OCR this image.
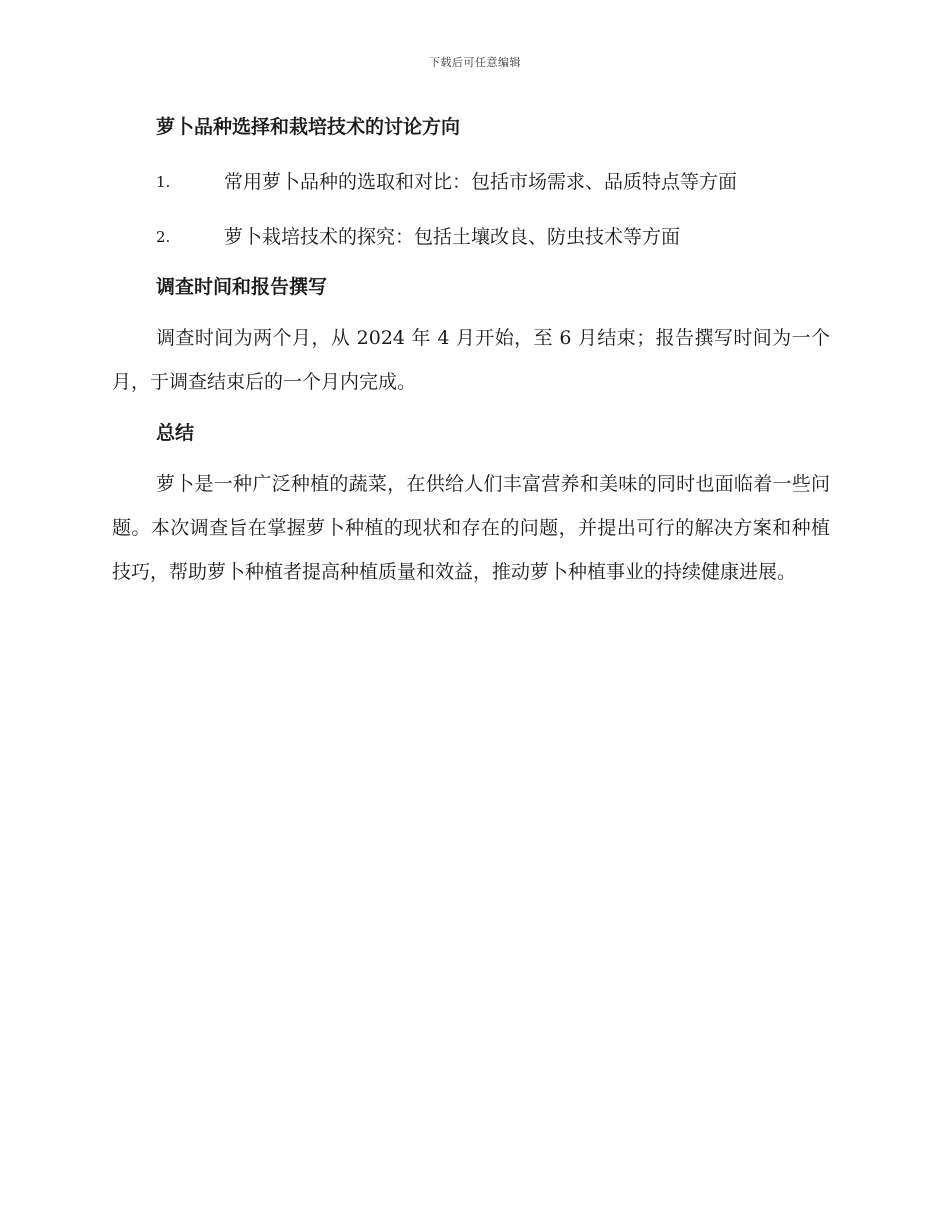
下载后可任意编辑
萝卜品种选择和栽培技术的讨论方向
1.	常用萝卜品种的选取和对比：包括市场需求、品质特点等方面
2.	萝卜栽培技术的探究：包括土壤改良、防虫技术等方面
调查时间和报告撰写

调查时间为两个月，从 2024 年 4 月开始，至 6 月结束；报告撰写时间为一个月，于调查结束后的一个月内完成。

总结

萝卜是一种广泛种植的蔬菜，在供给人们丰富营养和美味的同时也面临着一些问题。本次调查旨在掌握萝卜种植的现状和存在的问题，并提出可行的解决方案和种植技巧，帮助萝卜种植者提高种植质量和效益，推动萝卜种植事业的持续健康进展。
